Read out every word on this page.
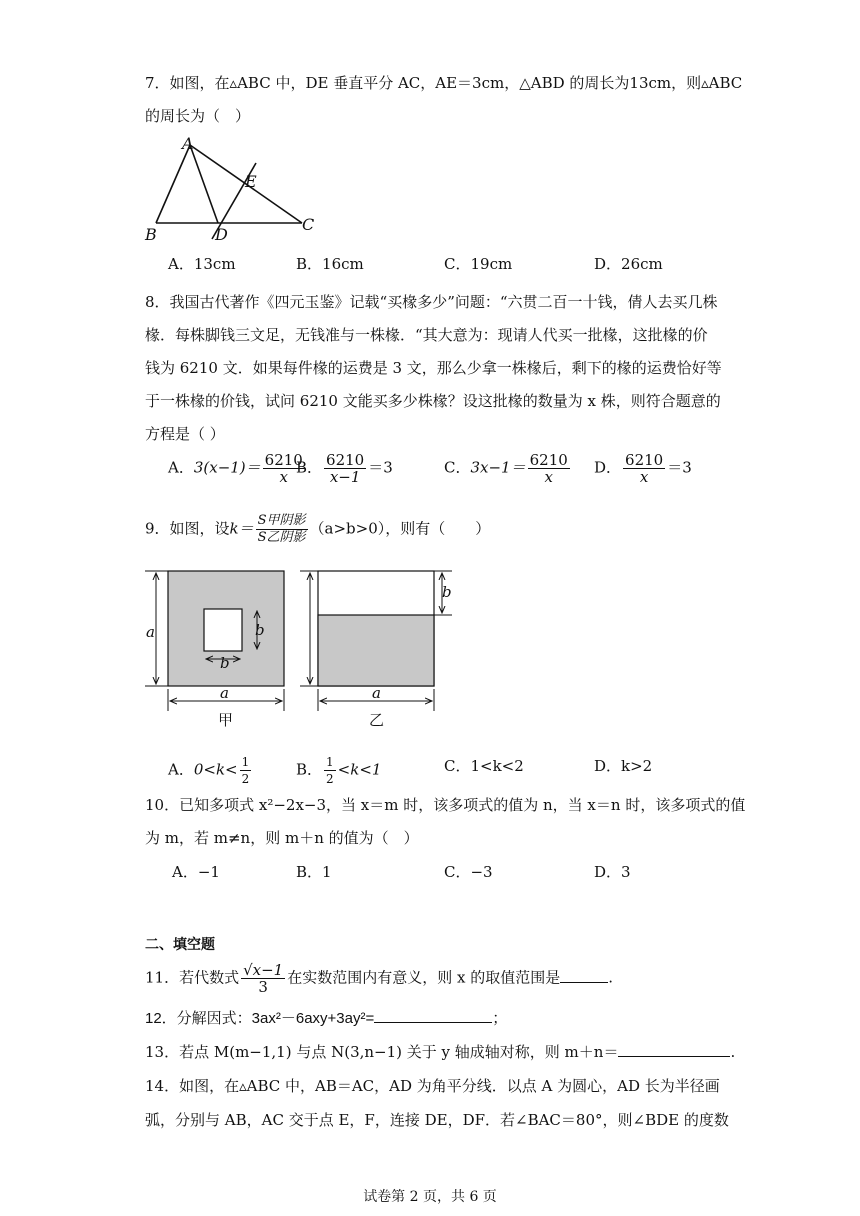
7．如图，在▵ABC 中，DE 垂直平分 AC，AE＝3cm，△ABD 的周长为13cm，则▵ABC
的周长为（　）
A
E
B	D
C
A．13cm	B．16cm	C．19cm	D．26cm
8．我国古代著作《四元玉鉴》记载“买椽多少”问题：“六贯二百一十钱，倩人去买几株
椽．每株脚钱三文足，无钱准与一株椽．“其大意为：现请人代买一批椽，这批椽的价
钱为 6210 文．如果每件椽的运费是 3 文，那么少拿一株椽后，剩下的椽的运费恰好等
于一株椽的价钱，试问 6210 文能买多少株椽？设这批椽的数量为 x 株，则符合题意的
方程是（ ）
A．$3(x-1)= \frac{6210}{x}$
B． $\frac{6210}{x-1} =3$	C．$3x-1= \frac{6210}{x}$ D． $\frac{6210}{x} =3$
9．如图，设$k= \frac{\text{S甲阴影}}{\text{S乙阴影}} (a>b>0)$，则有（　　）
a	b
b
a
甲
b
a
乙
A．$0<k< \frac{1}{2}$	B． $\frac{1}{2} <k<1$	C．1<k<2	D．k>2
10．已知多项式 x²−2x−3，当 x＝m 时，该多项式的值为 n，当 x＝n 时，该多项式的值
为 m，若 m≠n，则 m＋n 的值为（　）
A．−1	B．1	C．−3	D．3
二、填空题
11．若代数式 $\frac{√x-1}{3}$ 在实数范围内有意义，则 x 的取值范围是	.
12．分解因式：3ax²－6axy+3ay²=	；
13．若点 M(m−1,1) 与点 N(3,n−1) 关于 y 轴成轴对称，则 m＋n＝	.
14．如图，在▵ABC 中，AB＝AC，AD 为角平分线．以点 A 为圆心，AD 长为半径画
弧，分别与 AB，AC 交于点 E，F，连接 DE，DF．若∠BAC＝80°，则∠BDE 的度数
试卷第 2 页，共 6 页
